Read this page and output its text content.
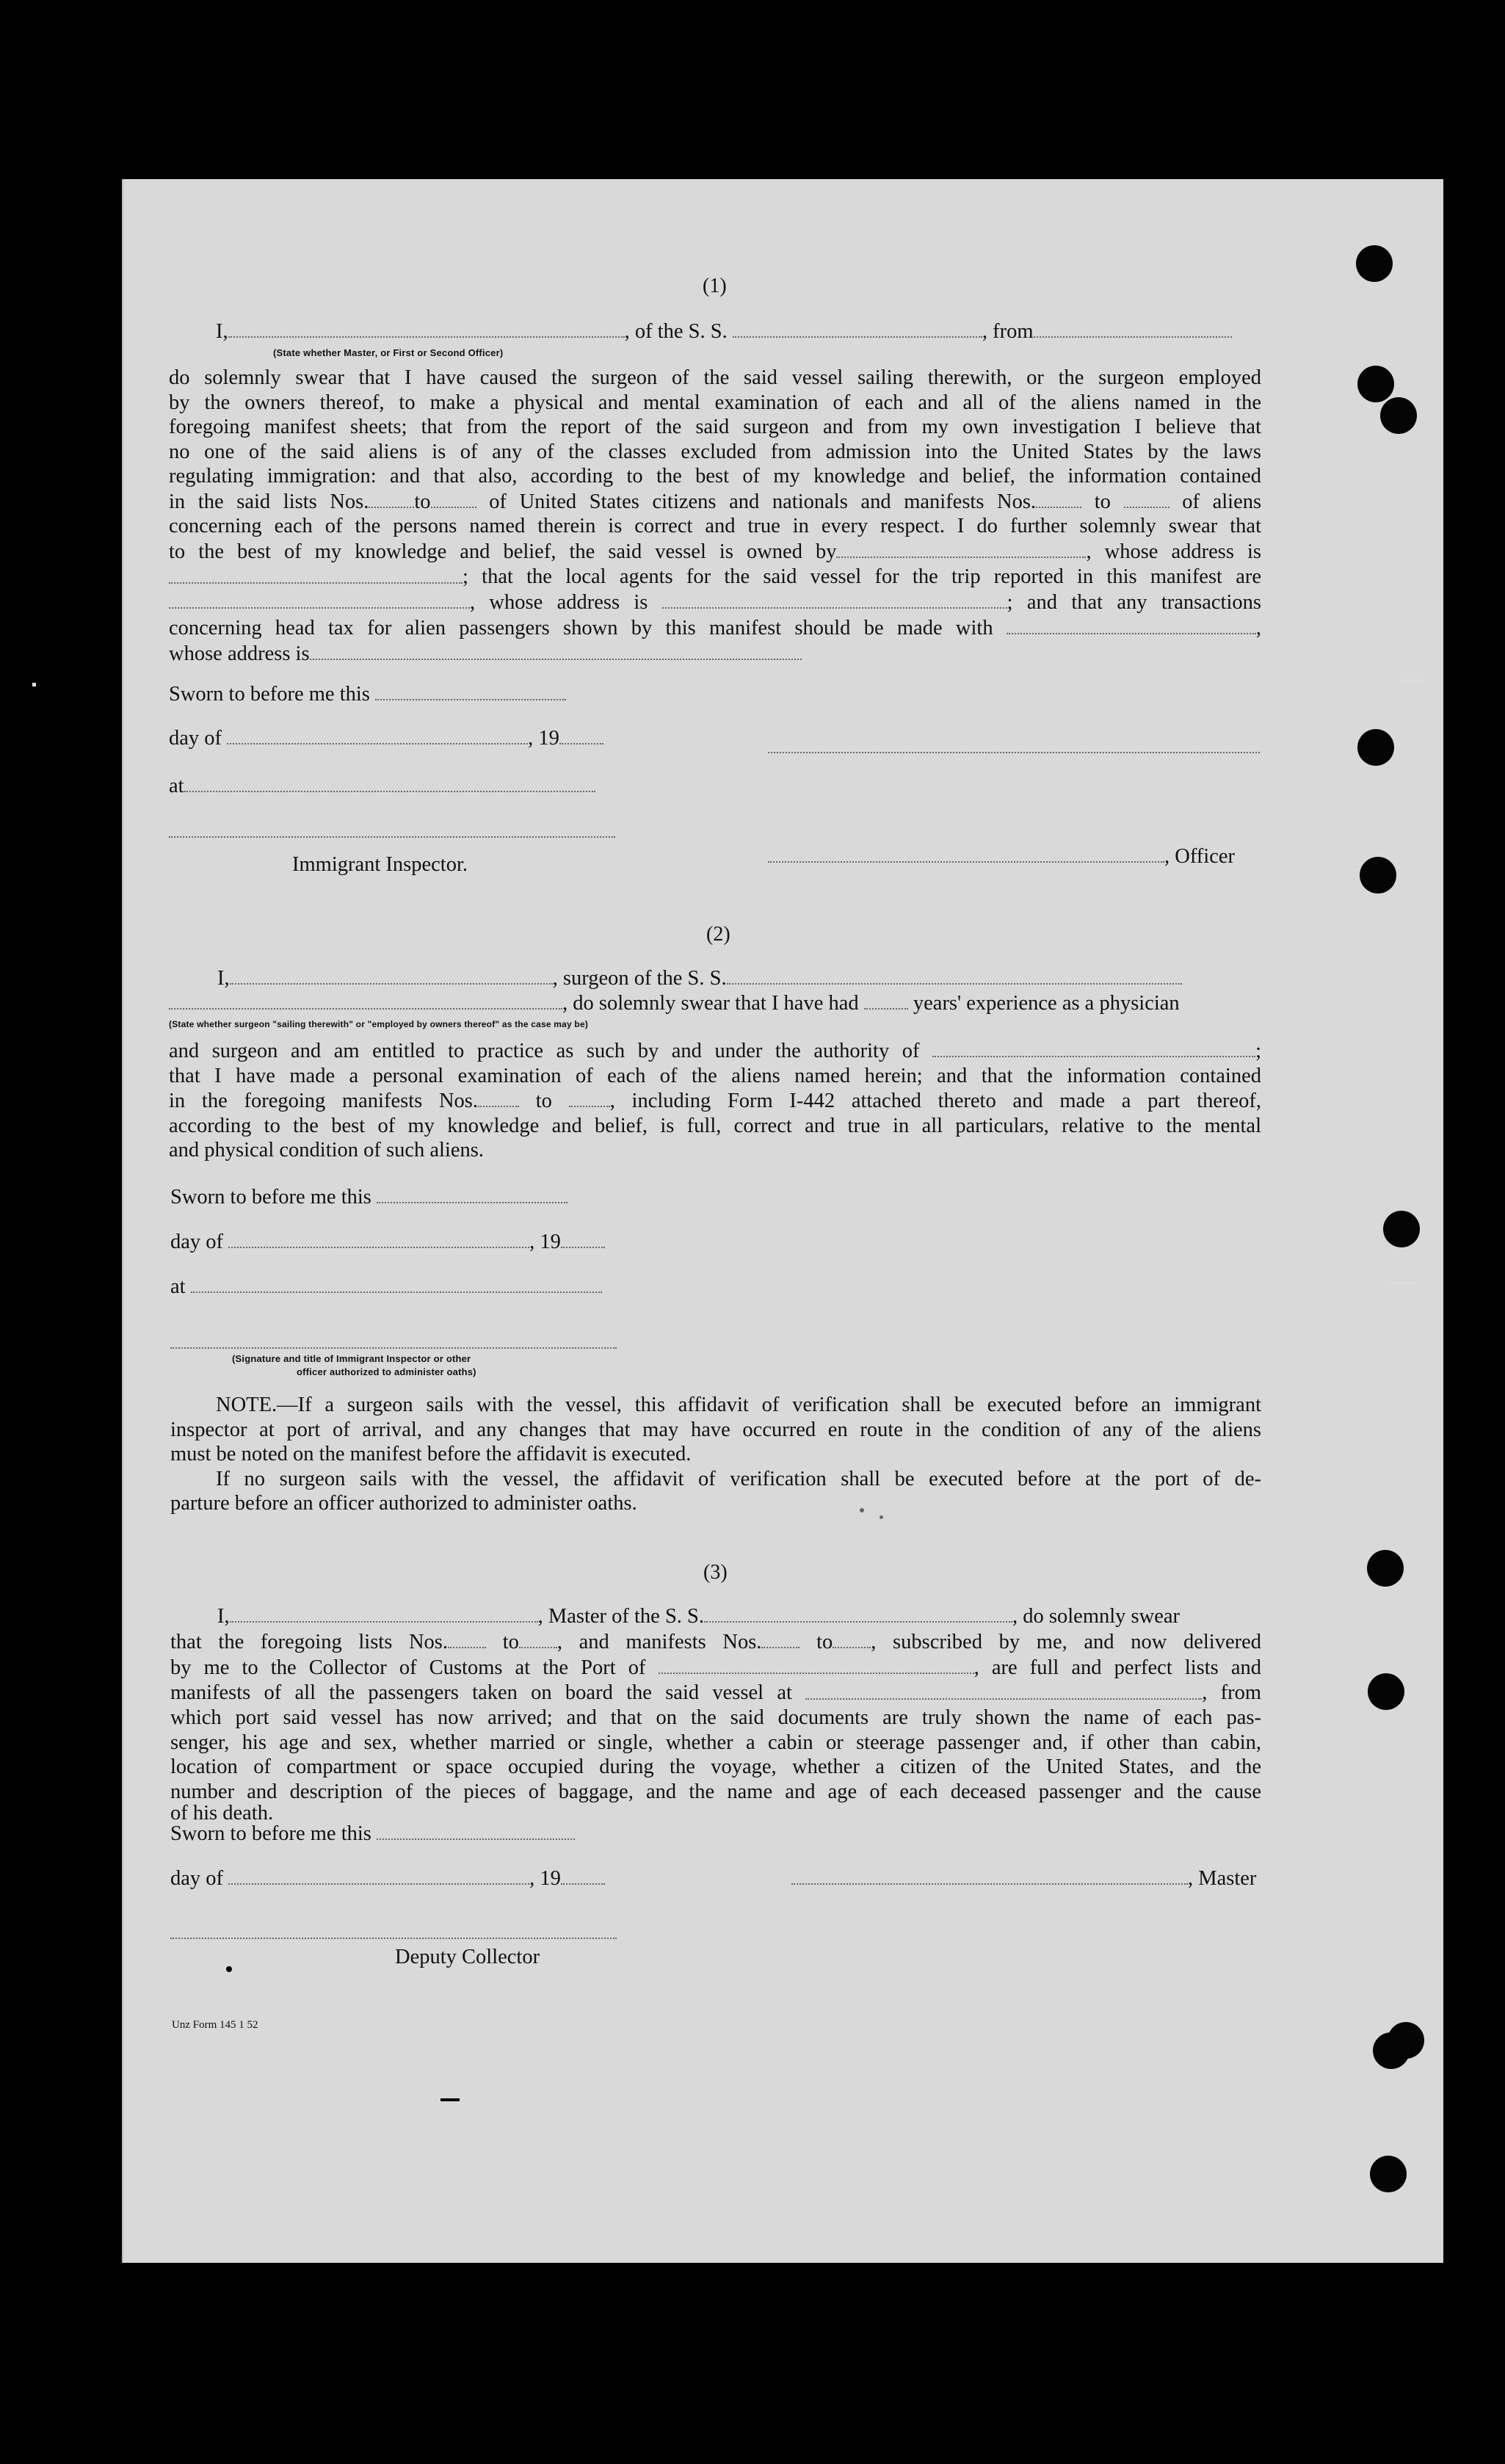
(1)
I,	, of the S. S.	, from
(State whether Master, or First or Second Officer)
do solemnly swear that I have caused the surgeon of the said vessel sailing therewith, or the surgeon employed
by the owners thereof, to make a physical and mental examination of each and all of the aliens named in the
foregoing manifest sheets; that from the report of the said surgeon and from my own investigation I believe that
no one of the said aliens is of any of the classes excluded from admission into the United States by the laws
regulating immigration: and that also, according to the best of my knowledge and belief, the information contained
in the said lists Nos. to	of United States citizens and nationals and manifests Nos.	to	of aliens
concerning each of the persons named therein is correct and true in every respect. I do further solemnly swear that
to the best of my knowledge and belief, the said vessel is owned by	, whose address is
; that the local agents for the said vessel for the trip reported in this manifest are
, whose address is	; and that any transactions
concerning head tax for alien passengers shown by this manifest should be made with	,
whose address is
Sworn to before me this
day of	, 19
at
Immigrant Inspector.	, Officer
(2)
I,	, surgeon of the S. S.
, do solemnly swear that I have had	years' experience as a physician
(State whether surgeon "sailing therewith" or "employed by owners thereof" as the case may be)
and surgeon and am entitled to practice as such by and under the authority of	;
that I have made a personal examination of each of the aliens named herein; and that the information contained
in the foregoing manifests Nos.	to	, including Form I-442 attached thereto and made a part thereof,
according to the best of my knowledge and belief, is full, correct and true in all particulars, relative to the mental
and physical condition of such aliens.
Sworn to before me this
day of	, 19
at
(Signature and title of Immigrant Inspector or other
officer authorized to administer oaths)
NOTE.—If a surgeon sails with the vessel, this affidavit of verification shall be executed before an immigrant
inspector at port of arrival, and any changes that may have occurred en route in the condition of any of the aliens
must be noted on the manifest before the affidavit is executed.
If no surgeon sails with the vessel, the affidavit of verification shall be executed before at the port of de-
parture before an officer authorized to administer oaths.
(3)
I,	, Master of the S. S.	, do solemnly swear
that the foregoing lists Nos.	to , and manifests Nos.	to , subscribed by me, and now delivered
by me to the Collector of Customs at the Port of	, are full and perfect lists and
manifests of all the passengers taken on board the said vessel at	, from
which port said vessel has now arrived; and that on the said documents are truly shown the name of each pas-
senger, his age and sex, whether married or single, whether a cabin or steerage passenger and, if other than cabin,
location of compartment or space occupied during the voyage, whether a citizen of the United States, and the
number and description of the pieces of baggage, and the name and age of each deceased passenger and the cause
of his death.
Sworn to before me this
day of	, 19	, Master
Deputy Collector
Unz Form 145 1 52
